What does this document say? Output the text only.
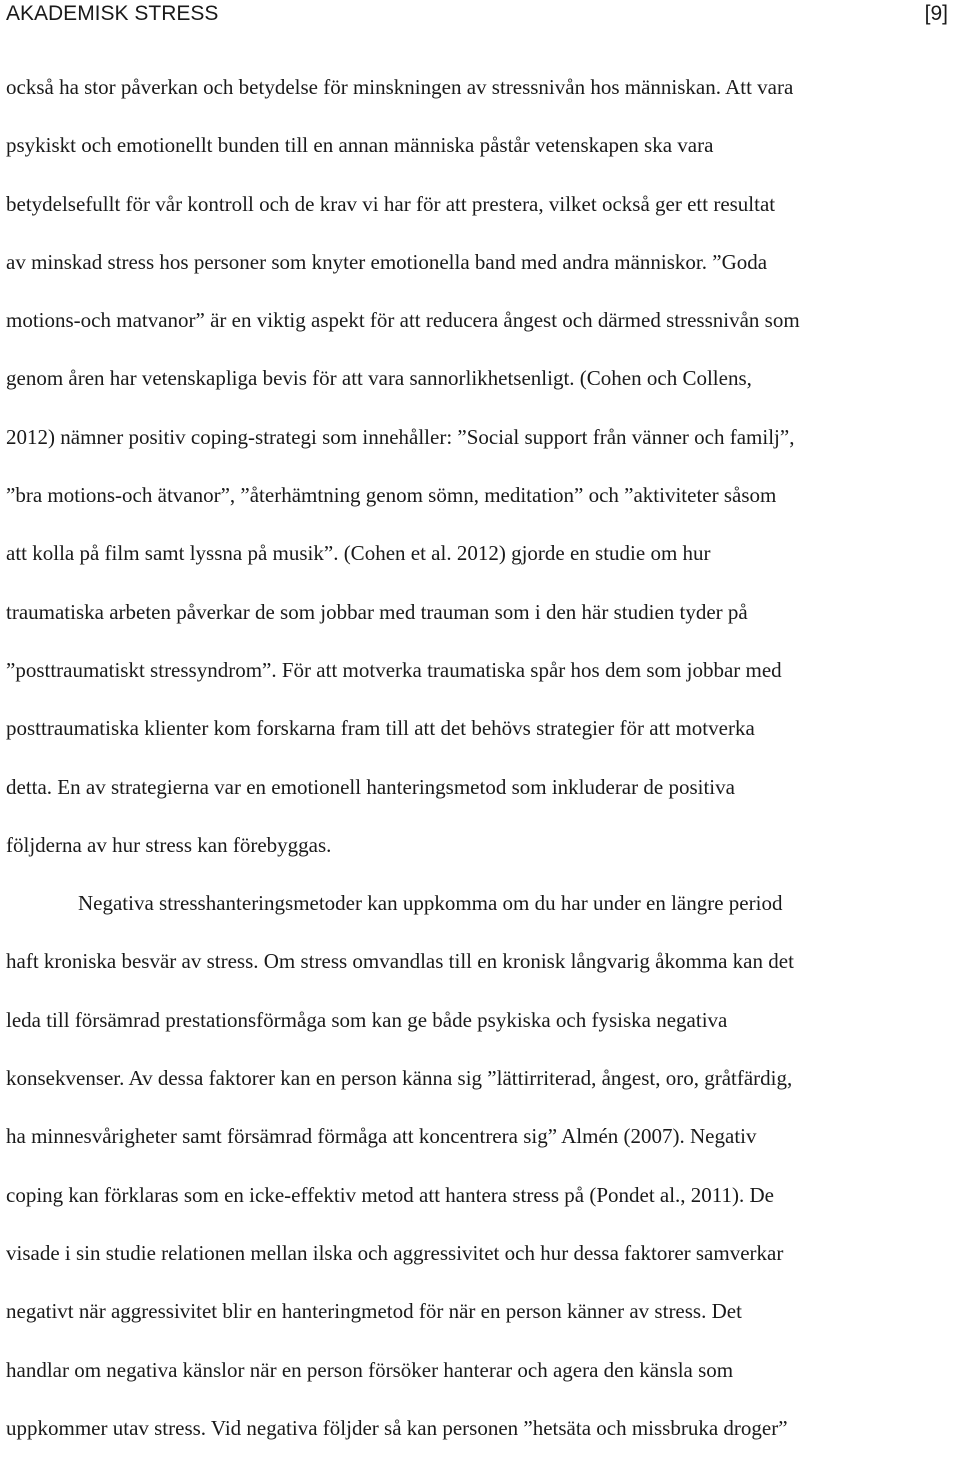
AKADEMISK STRESS	[9]
också ha stor påverkan och betydelse för minskningen av stressnivån hos människan. Att vara
psykiskt och emotionellt bunden till en annan människa påstår vetenskapen ska vara
betydelsefullt för vår kontroll och de krav vi har för att prestera, vilket också ger ett resultat
av minskad stress hos personer som knyter emotionella band med andra människor. ”Goda
motions-och matvanor” är en viktig aspekt för att reducera ångest och därmed stressnivån som
genom åren har vetenskapliga bevis för att vara sannorlikhetsenligt. (Cohen och Collens,
2012) nämner positiv coping-strategi som innehåller: ”Social support från vänner och familj”,
”bra motions-och ätvanor”, ”återhämtning genom sömn, meditation” och ”aktiviteter såsom
att kolla på film samt lyssna på musik”. (Cohen et al. 2012) gjorde en studie om hur
traumatiska arbeten påverkar de som jobbar med trauman som i den här studien tyder på
”posttraumatiskt stressyndrom”. För att motverka traumatiska spår hos dem som jobbar med
posttraumatiska klienter kom forskarna fram till att det behövs strategier för att motverka
detta. En av strategierna var en emotionell hanteringsmetod som inkluderar de positiva
följderna av hur stress kan förebyggas.
Negativa stresshanteringsmetoder kan uppkomma om du har under en längre period
haft kroniska besvär av stress. Om stress omvandlas till en kronisk långvarig åkomma kan det
leda till försämrad prestationsförmåga som kan ge både psykiska och fysiska negativa
konsekvenser. Av dessa faktorer kan en person känna sig ”lättirriterad, ångest, oro, gråtfärdig,
ha minnesvårigheter samt försämrad förmåga att koncentrera sig” Almén (2007). Negativ
coping kan förklaras som en icke-effektiv metod att hantera stress på (Pondet al., 2011). De
visade i sin studie relationen mellan ilska och aggressivitet och hur dessa faktorer samverkar
negativt när aggressivitet blir en hanteringmetod för när en person känner av stress. Det
handlar om negativa känslor när en person försöker hanterar och agera den känsla som
uppkommer utav stress. Vid negativa följder så kan personen ”hetsäta och missbruka droger”
